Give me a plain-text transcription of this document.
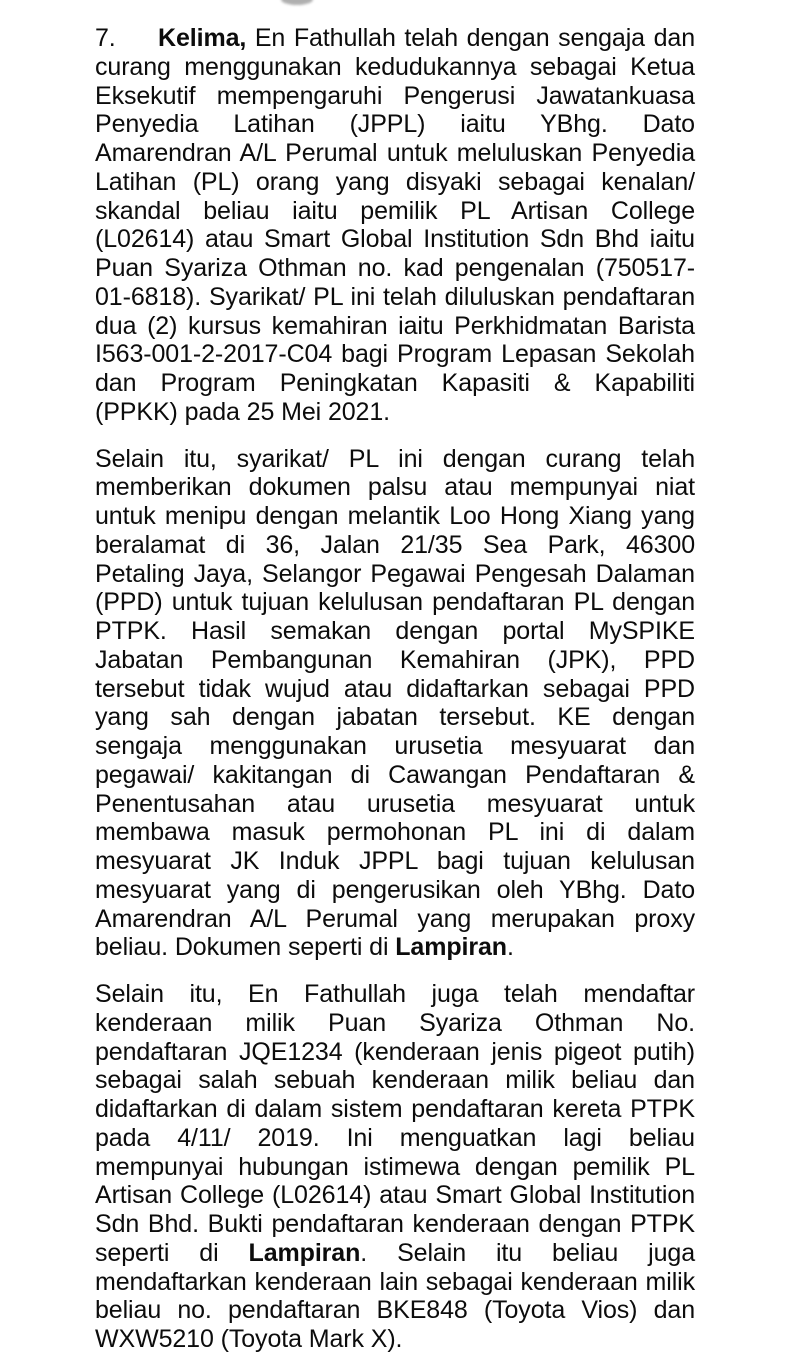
7. Kelima, En Fathullah telah dengan sengaja dan curang menggunakan kedudukannya sebagai Ketua Eksekutif mempengaruhi Pengerusi Jawatankuasa Penyedia Latihan (JPPL) iaitu YBhg. Dato Amarendran A/L Perumal untuk meluluskan Penyedia Latihan (PL) orang yang disyaki sebagai kenalan/ skandal beliau iaitu pemilik PL Artisan College (L02614) atau Smart Global Institution Sdn Bhd iaitu Puan Syariza Othman no. kad pengenalan (750517-01-6818). Syarikat/ PL ini telah diluluskan pendaftaran dua (2) kursus kemahiran iaitu Perkhidmatan Barista I563-001-2-2017-C04 bagi Program Lepasan Sekolah dan Program Peningkatan Kapasiti & Kapabiliti (PPKK) pada 25 Mei 2021.

Selain itu, syarikat/ PL ini dengan curang telah memberikan dokumen palsu atau mempunyai niat untuk menipu dengan melantik Loo Hong Xiang yang beralamat di 36, Jalan 21/35 Sea Park, 46300 Petaling Jaya, Selangor Pegawai Pengesah Dalaman (PPD) untuk tujuan kelulusan pendaftaran PL dengan PTPK. Hasil semakan dengan portal MySPIKE Jabatan Pembangunan Kemahiran (JPK), PPD tersebut tidak wujud atau didaftarkan sebagai PPD yang sah dengan jabatan tersebut. KE dengan sengaja menggunakan urusetia mesyuarat dan pegawai/ kakitangan di Cawangan Pendaftaran & Penentusahan atau urusetia mesyuarat untuk membawa masuk permohonan PL ini di dalam mesyuarat JK Induk JPPL bagi tujuan kelulusan mesyuarat yang di pengerusikan oleh YBhg. Dato Amarendran A/L Perumal yang merupakan proxy beliau. Dokumen seperti di Lampiran.

Selain itu, En Fathullah juga telah mendaftar kenderaan milik Puan Syariza Othman No. pendaftaran JQE1234 (kenderaan jenis pigeot putih) sebagai salah sebuah kenderaan milik beliau dan didaftarkan di dalam sistem pendaftaran kereta PTPK pada 4/11/ 2019. Ini menguatkan lagi beliau mempunyai hubungan istimewa dengan pemilik PL Artisan College (L02614) atau Smart Global Institution Sdn Bhd. Bukti pendaftaran kenderaan dengan PTPK seperti di Lampiran. Selain itu beliau juga mendaftarkan kenderaan lain sebagai kenderaan milik beliau no. pendaftaran BKE848 (Toyota Vios) dan WXW5210 (Toyota Mark X).
